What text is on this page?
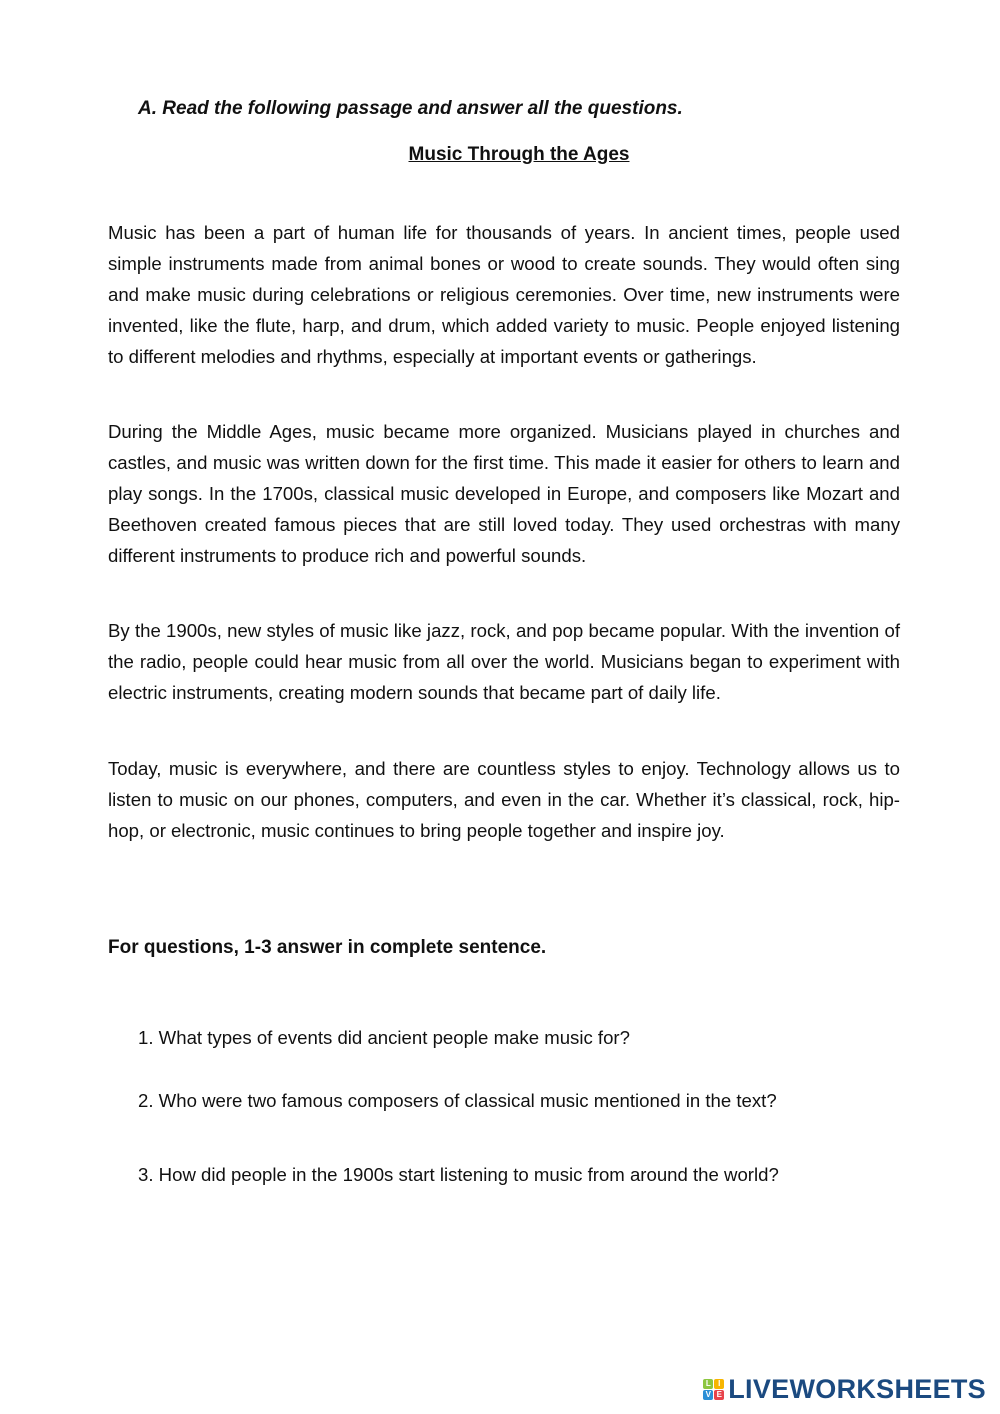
A. Read the following passage and answer all the questions.
Music Through the Ages

Music has been a part of human life for thousands of years. In ancient times, people used simple instruments made from animal bones or wood to create sounds. They would often sing and make music during celebrations or religious ceremonies. Over time, new instruments were invented, like the flute, harp, and drum, which added variety to music. People enjoyed listening to different melodies and rhythms, especially at important events or gatherings.

During the Middle Ages, music became more organized. Musicians played in churches and castles, and music was written down for the first time. This made it easier for others to learn and play songs. In the 1700s, classical music developed in Europe, and composers like Mozart and Beethoven created famous pieces that are still loved today. They used orchestras with many different instruments to produce rich and powerful sounds.

By the 1900s, new styles of music like jazz, rock, and pop became popular. With the invention of the radio, people could hear music from all over the world. Musicians began to experiment with electric instruments, creating modern sounds that became part of daily life.

Today, music is everywhere, and there are countless styles to enjoy. Technology allows us to listen to music on our phones, computers, and even in the car. Whether it’s classical, rock, hip-hop, or electronic, music continues to bring people together and inspire joy.

For questions, 1-3 answer in complete sentence.
1. What types of events did ancient people make music for?
2. Who were two famous composers of classical music mentioned in the text?
3. How did people in the 1900s start listening to music from around the world?
L I
V E LIVEWORKSHEETS
